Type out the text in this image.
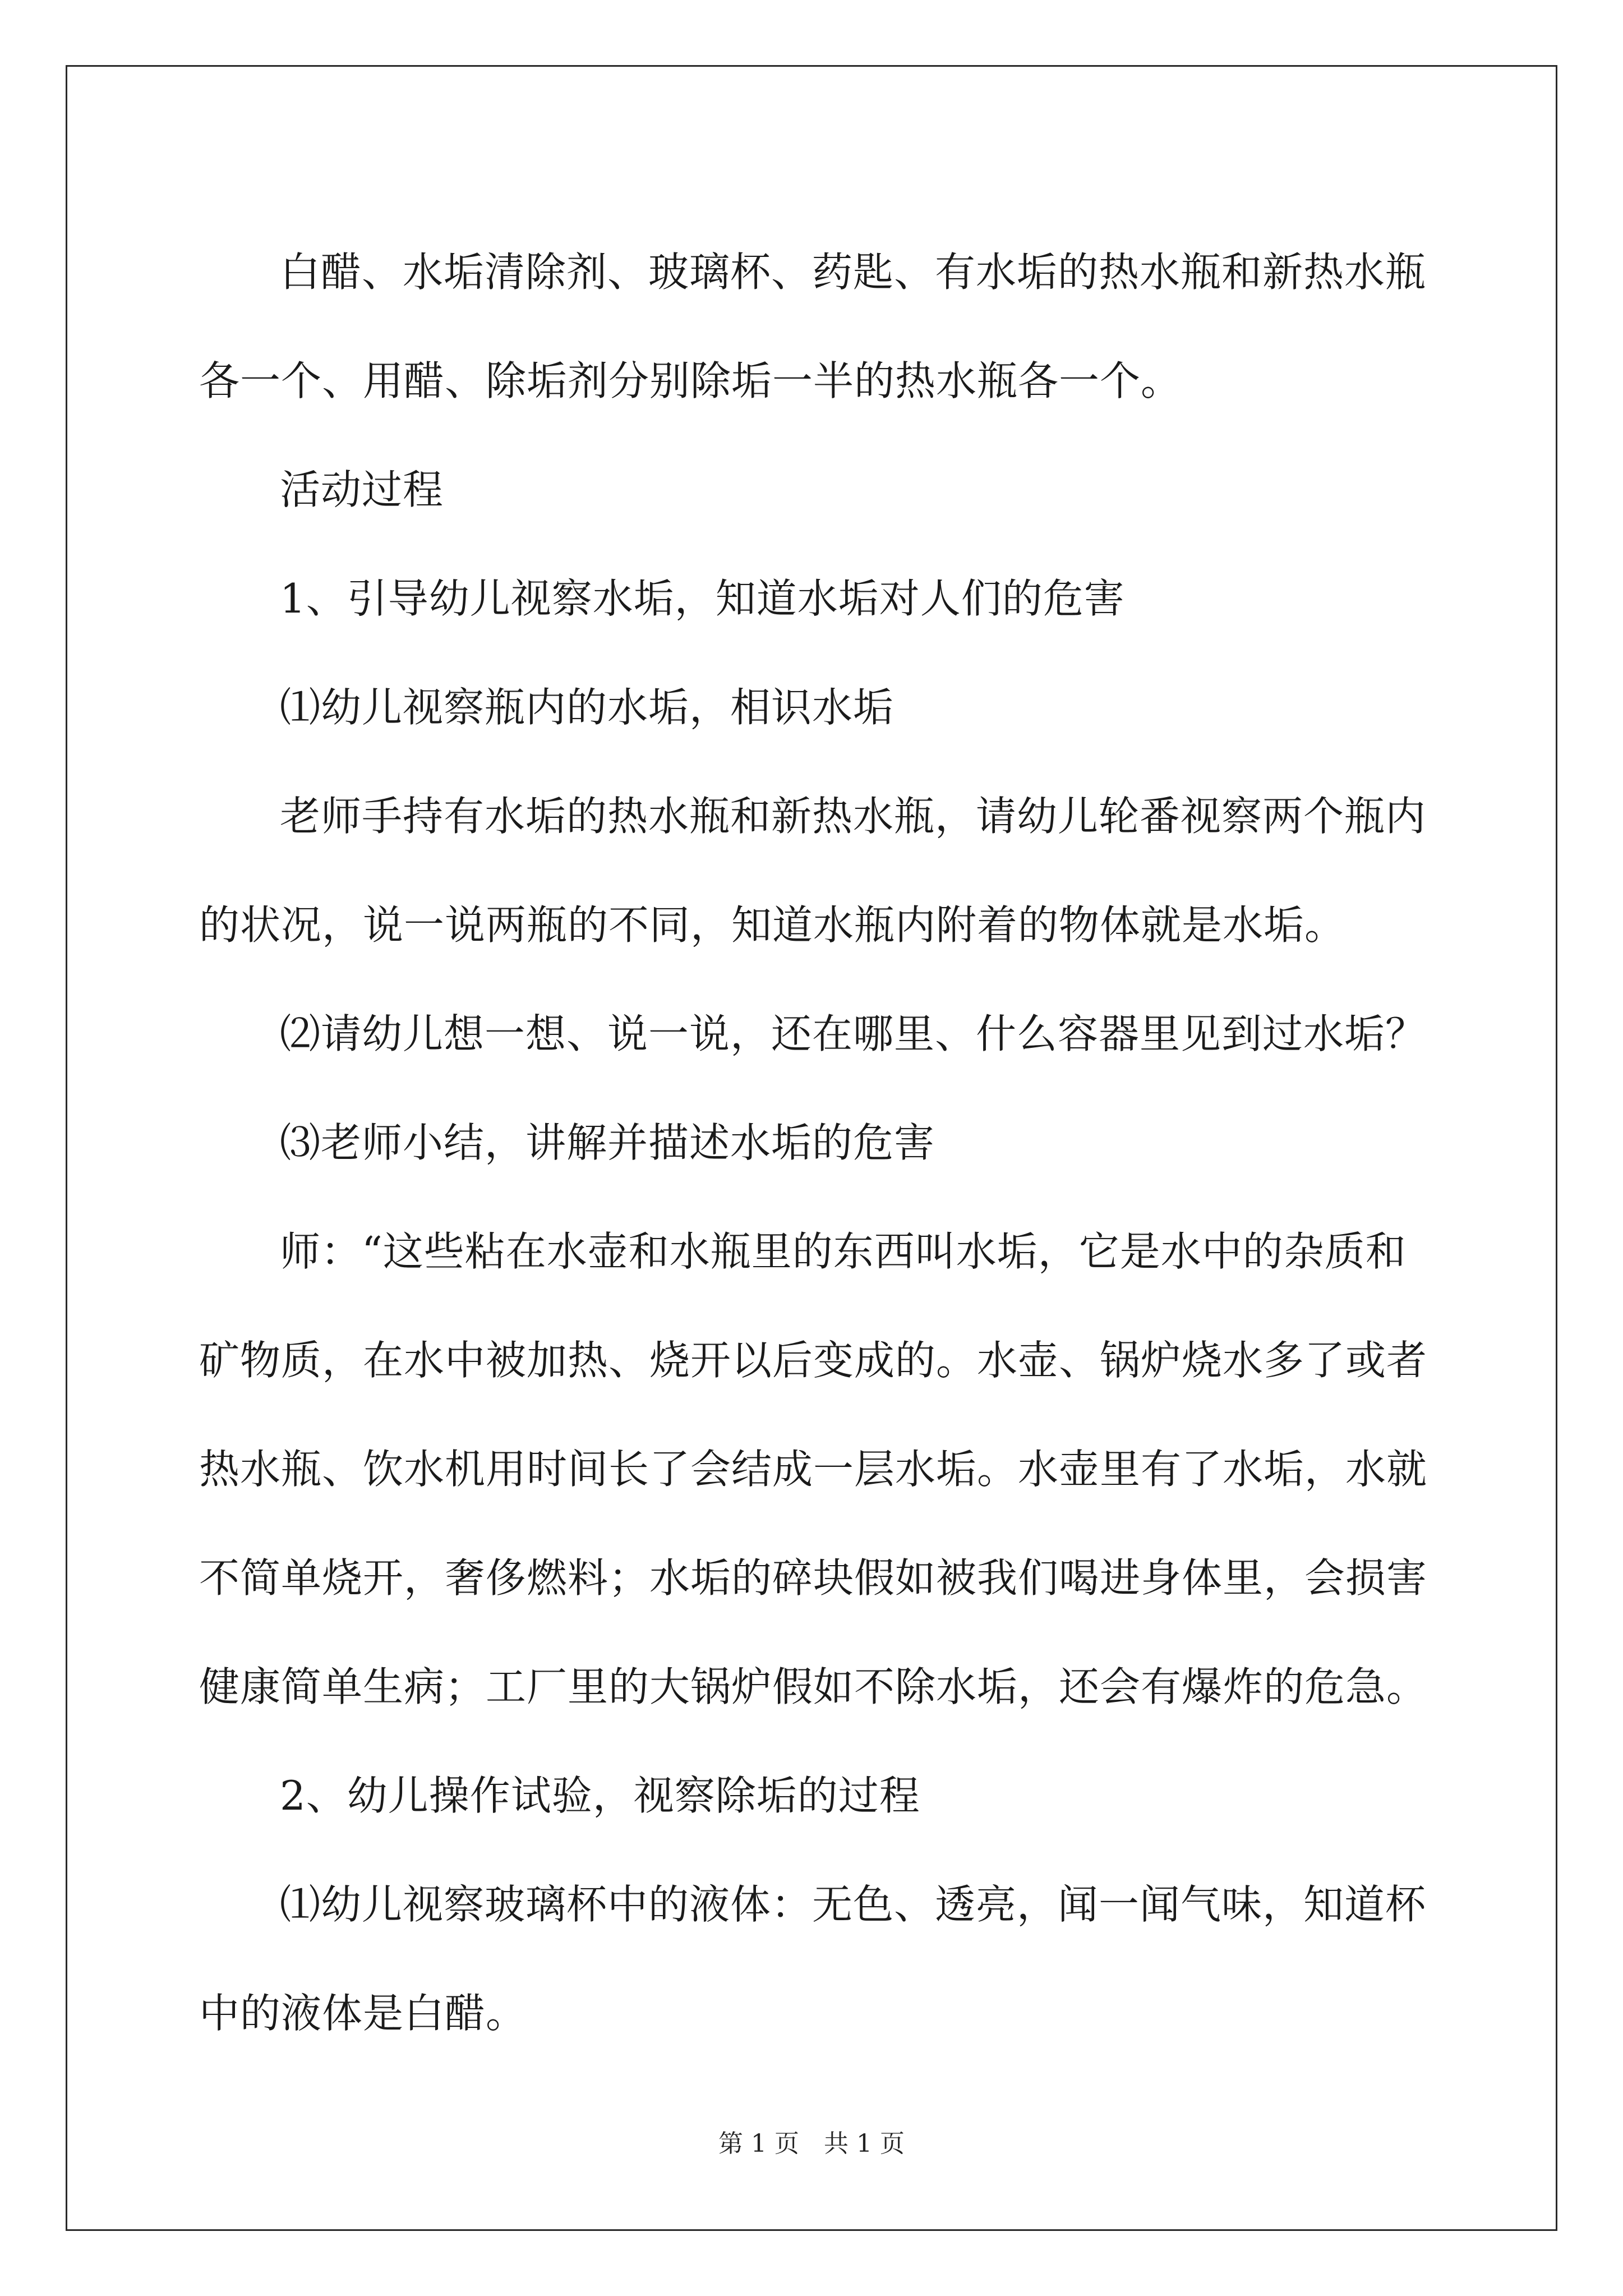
白醋、水垢清除剂、玻璃杯、药匙、有水垢的热水瓶和新热水瓶各一个、用醋、除垢剂分别除垢一半的热水瓶各一个。

活动过程

1、引导幼儿视察水垢，知道水垢对人们的危害

⑴幼儿视察瓶内的水垢，相识水垢

老师手持有水垢的热水瓶和新热水瓶，请幼儿轮番视察两个瓶内的状况，说一说两瓶的不同，知道水瓶内附着的物体就是水垢。

⑵请幼儿想一想、说一说，还在哪里、什么容器里见到过水垢？

⑶老师小结，讲解并描述水垢的危害

师：“这些粘在水壶和水瓶里的东西叫水垢，它是水中的杂质和矿物质，在水中被加热、烧开以后变成的。水壶、锅炉烧水多了或者热水瓶、饮水机用时间长了会结成一层水垢。水壶里有了水垢，水就不简单烧开，奢侈燃料；水垢的碎块假如被我们喝进身体里，会损害健康简单生病；工厂里的大锅炉假如不除水垢，还会有爆炸的危急。

2、幼儿操作试验，视察除垢的过程

⑴幼儿视察玻璃杯中的液体：无色、透亮，闻一闻气味，知道杯中的液体是白醋。

第 1 页　共 1 页
